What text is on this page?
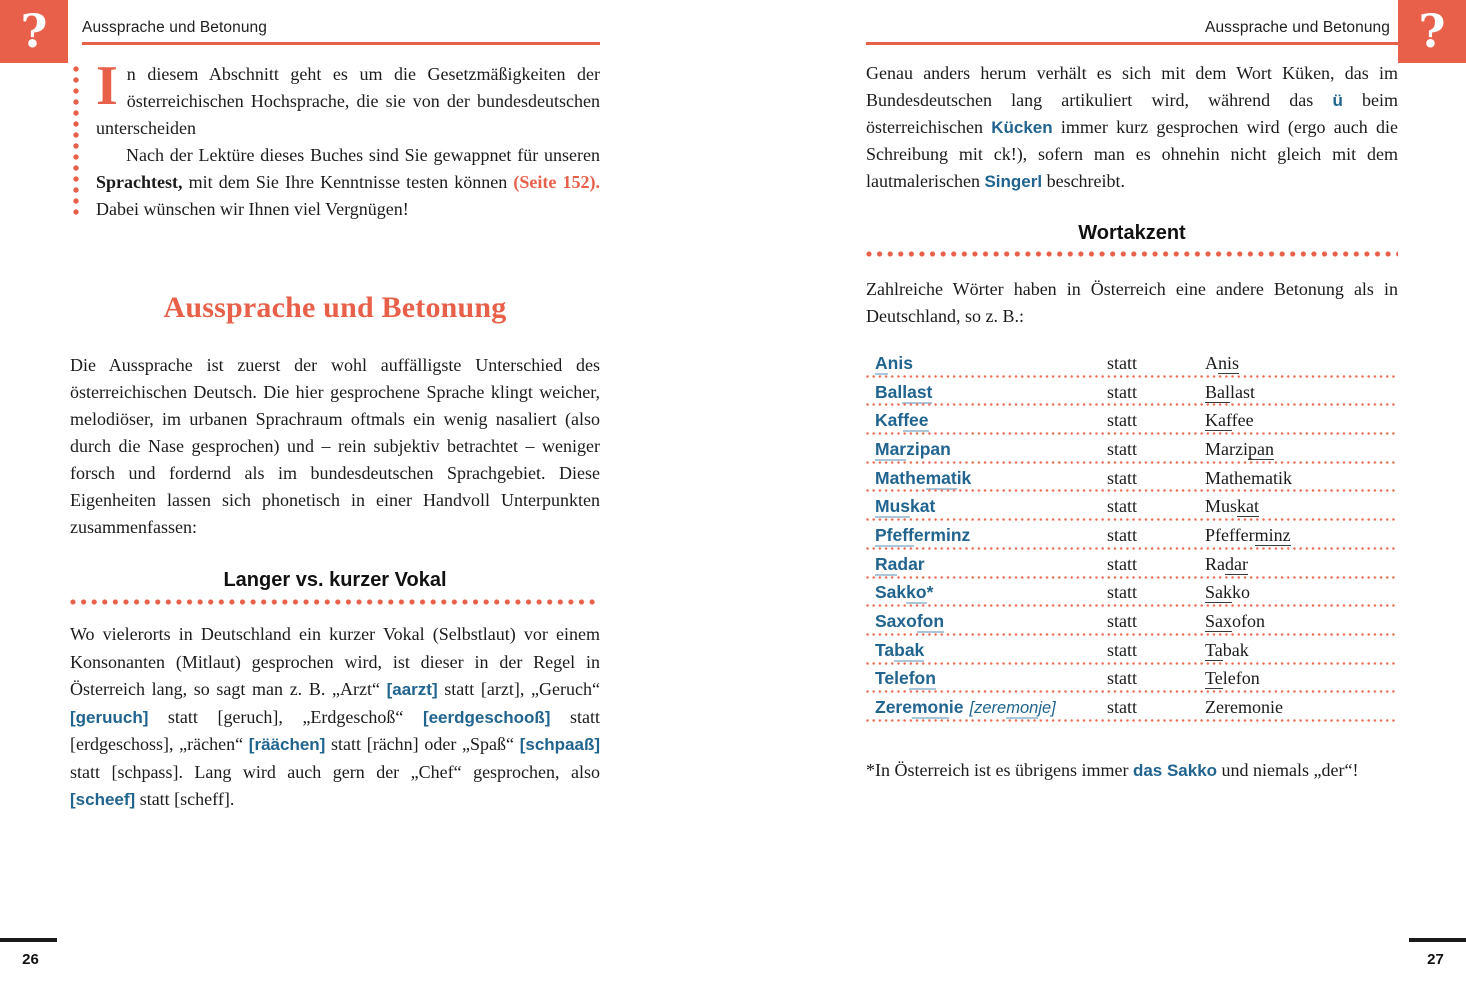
? Aussprache und Betonung

In diesem Abschnitt geht es um die Gesetzmäßigkeiten der österreichischen Hochsprache, die sie von der bundesdeutschen unterscheiden

Nach der Lektüre dieses Buches sind Sie gewappnet für unseren Sprachtest, mit dem Sie Ihre Kenntnisse testen können (Seite 152). Dabei wünschen wir Ihnen viel Vergnügen!

Aussprache und Betonung

Die Aussprache ist zuerst der wohl auffälligste Unterschied des österreichischen Deutsch. Die hier gesprochene Sprache klingt weicher, melodiöser, im urbanen Sprachraum oftmals ein wenig nasaliert (also durch die Nase gesprochen) und – rein subjektiv betrachtet – weniger forsch und fordernd als im bundesdeutschen Sprachgebiet. Diese Eigenheiten lassen sich phonetisch in einer Handvoll Unterpunkten zusammenfassen:

Langer vs. kurzer Vokal

Wo vielerorts in Deutschland ein kurzer Vokal (Selbstlaut) vor einem Konsonanten (Mitlaut) gesprochen wird, ist dieser in der Regel in Österreich lang, so sagt man z. B. „Arzt“ [aarzt] statt [arzt], „Geruch“ [geruuch] statt [geruch], „Erdgeschoß“ [eerdgeschooß] statt [erdgeschoss], „rächen“ [räächen] statt [rächn] oder „Spaß“ [schpaaß] statt [schpass]. Lang wird auch gern der „Chef“ gesprochen, also [scheef] statt [scheff].

26
?
Aussprache und Betonung

Genau anders herum verhält es sich mit dem Wort Küken, das im Bundesdeutschen lang artikuliert wird, während das ü beim österreichischen Kücken immer kurz gesprochen wird (ergo auch die Schreibung mit ck!), sofern man es ohnehin nicht gleich mit dem lautmalerischen Singerl beschreibt.

Wortakzent

Zahlreiche Wörter haben in Österreich eine andere Betonung als in Deutschland, so z. B.:

Anis	statt	Anis
Ballast	statt	Ballast
Kaffee	statt	Kaffee
Marzipan	statt	Marzipan
Mathematik	statt	Mathematik
Muskat	statt	Muskat
Pfefferminz	statt	Pfefferminz
Radar	statt	Radar
Sakko*	statt	Sakko
Saxofon	statt	Saxofon
Tabak	statt	Tabak
Telefon	statt	Telefon
Zeremonie [zeremonje]	statt	Zeremonie

*In Österreich ist es übrigens immer das Sakko und niemals „der“!

27
